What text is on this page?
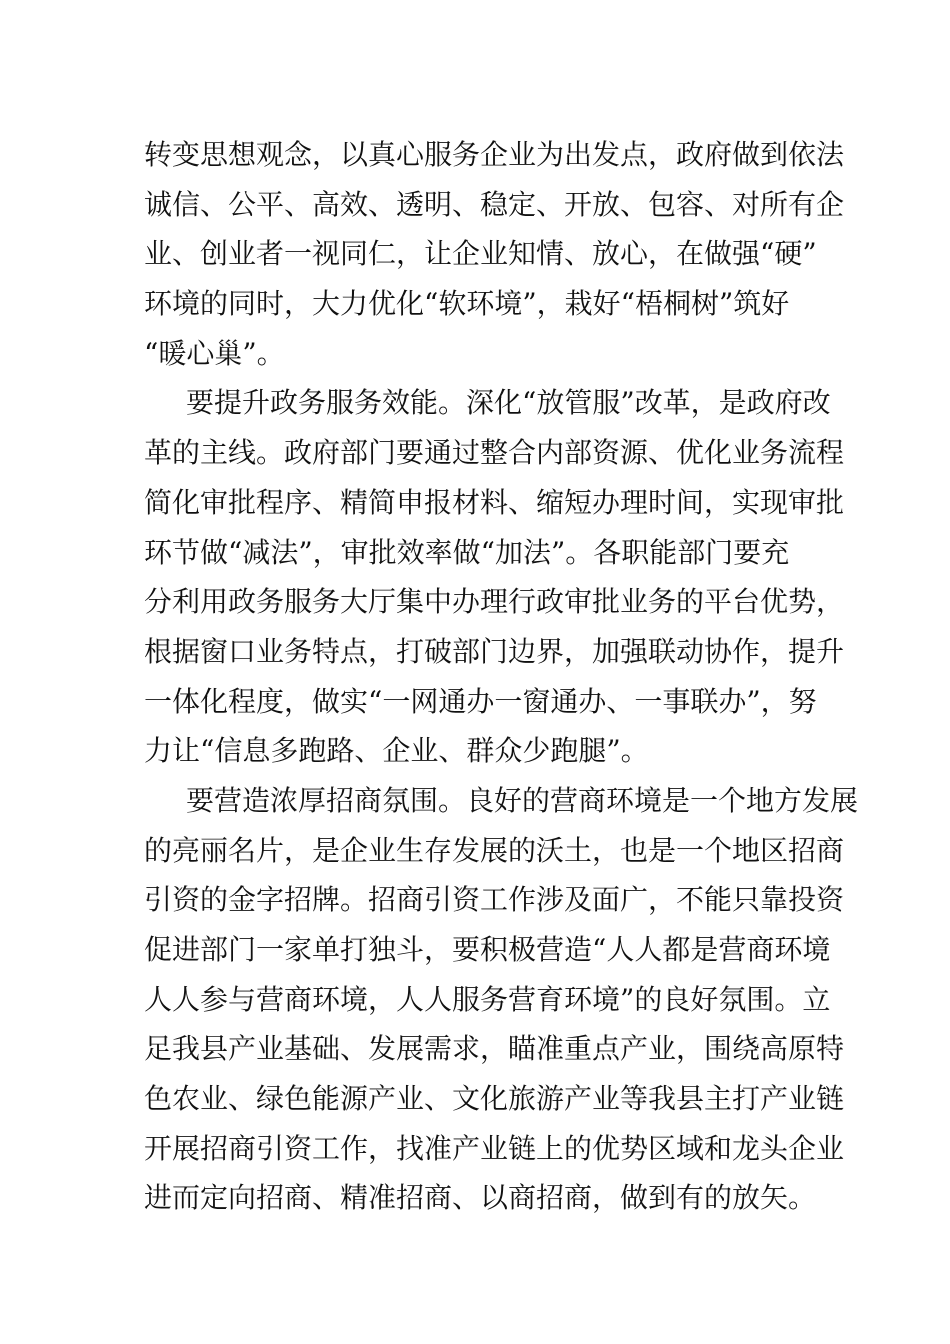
转变思想观念，以真心服务企业为出发点，政府做到依法
诚信、公平、高效、透明、稳定、开放、包容、对所有企
业、创业者一视同仁，让企业知情、放心，在做强“硬”
环境的同时，大力优化“软环境”，栽好“梧桐树”筑好
“暖心巢”。
要提升政务服务效能。深化“放管服”改革，是政府改
革的主线。政府部门要通过整合内部资源、优化业务流程
简化审批程序、精简申报材料、缩短办理时间，实现审批
环节做“减法”，审批效率做“加法”。各职能部门要充
分利用政务服务大厅集中办理行政审批业务的平台优势，
根据窗口业务特点，打破部门边界，加强联动协作，提升
一体化程度，做实“一网通办一窗通办、一事联办”，努
力让“信息多跑路、企业、群众少跑腿”。
要营造浓厚招商氛围。良好的营商环境是一个地方发展
的亮丽名片，是企业生存发展的沃土，也是一个地区招商
引资的金字招牌。招商引资工作涉及面广，不能只靠投资
促进部门一家单打独斗，要积极营造“人人都是营商环境
人人参与营商环境，人人服务营育环境”的良好氛围。立
足我县产业基础、发展需求，瞄准重点产业，围绕高原特
色农业、绿色能源产业、文化旅游产业等我县主打产业链
开展招商引资工作，找准产业链上的优势区域和龙头企业
进而定向招商、精准招商、以商招商，做到有的放矢。
